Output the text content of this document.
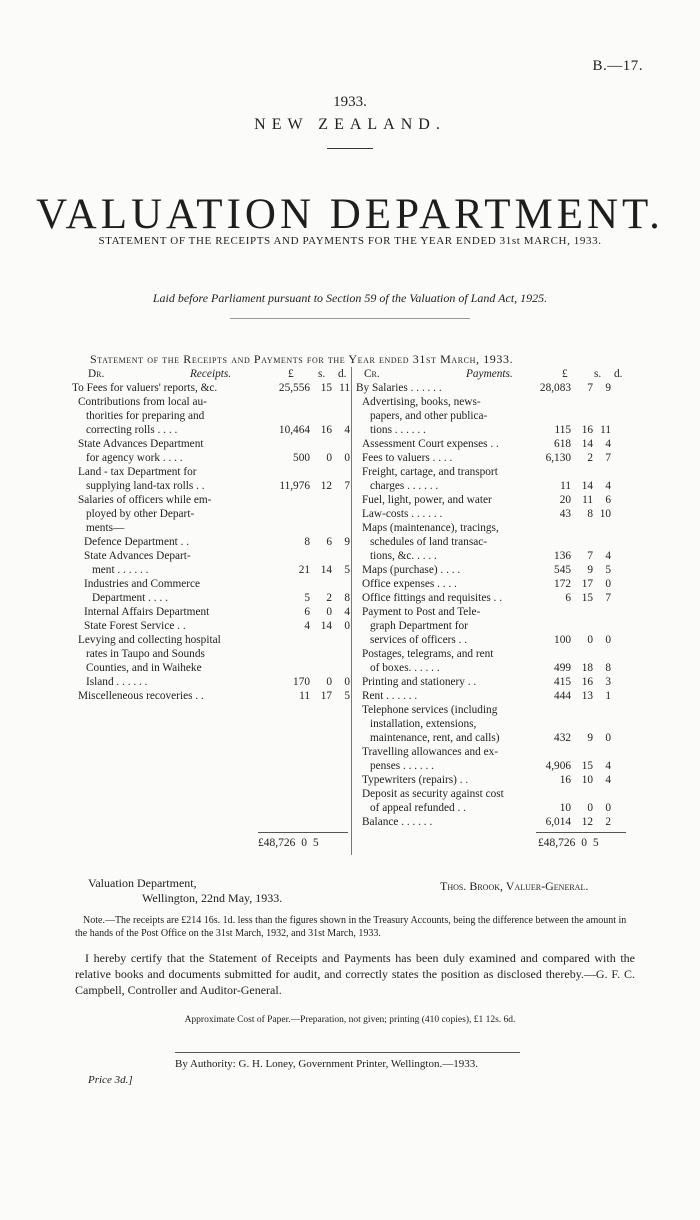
B.—17.
1933.
NEW ZEALAND.
VALUATION DEPARTMENT.
STATEMENT OF THE RECEIPTS AND PAYMENTS FOR THE YEAR ENDED 31st MARCH, 1933.
Laid before Parliament pursuant to Section 59 of the Valuation of Land Act, 1925.
Statement of the Receipts and Payments for the Year ended 31st March, 1933.
Dr.	Receipts.	£ s. d.
To Fees for valuers' reports, &c.	25,556 15 11
Contributions from local au-
thorities for preparing and
correcting rolls . . . .	10,464 16	4
State Advances Department
for agency work . . . .	500	0	0
Land - tax Department for
supplying land-tax rolls . .	11,976 12	7
Salaries of officers while em-
ployed by other Depart-
ments—
Defence Department . .	8	6	9
State Advances Depart-
ment . . . . . .	21 14	5
Industries and Commerce
Department . . . .	5	2	8
Internal Affairs Department	6	0	4
State Forest Service . .	4 14	0
Levying and collecting hospital
rates in Taupo and Sounds
Counties, and in Waiheke
Island . . . . . .	170	0	0
Miscelleneous recoveries . .	11 17	5
Cr.	Payments.	£ s. d.
By Salaries . . . . . .	28,083	7	9
Advertising, books, news-
papers, and other publica-
tions . . . . . .	115 16 11
Assessment Court expenses . .	618 14	4
Fees to valuers . . . .	6,130	2	7
Freight, cartage, and transport
charges . . . . . .	11 14	4
Fuel, light, power, and water	20 11	6
Law-costs . . . . . .	43	8 10
Maps (maintenance), tracings,
schedules of land transac-
tions, &c. . . . .	136	7	4
Maps (purchase) . . . .	545	9	5
Office expenses . . . .	172 17	0
Office fittings and requisites . .	6 15	7
Payment to Post and Tele-
graph Department for
services of officers . .	100	0	0
Postages, telegrams, and rent
of boxes. . . . . .	499 18	8
Printing and stationery . .	415 16	3
Rent . . . . . .	444 13	1
Telephone services (including
installation, extensions,
maintenance, rent, and calls)	432	9	0
Travelling allowances and ex-
penses . . . . . .	4,906 15	4
Typewriters (repairs) . .	16 10	4
Deposit as security against cost
of appeal refunded . .	10	0	0
Balance . . . . . .	6,014 12	2
£48,726 0 5	£48,726 0 5
Valuation Department,
Wellington, 22nd May, 1933.
Thos. Brook, Valuer-General.
Note.—The receipts are £214 16s. 1d. less than the figures shown in the Treasury Accounts, being the difference between the amount in the hands of the Post Office on the 31st March, 1932, and 31st March, 1933.
I hereby certify that the Statement of Receipts and Payments has been duly examined and compared with the relative books and documents submitted for audit, and correctly states the position as disclosed thereby.—G. F. C. Campbell, Controller and Auditor-General.
Approximate Cost of Paper.—Preparation, not given; printing (410 copies), £1 12s. 6d.
By Authority: G. H. Loney, Government Printer, Wellington.—1933.
Price 3d.]
